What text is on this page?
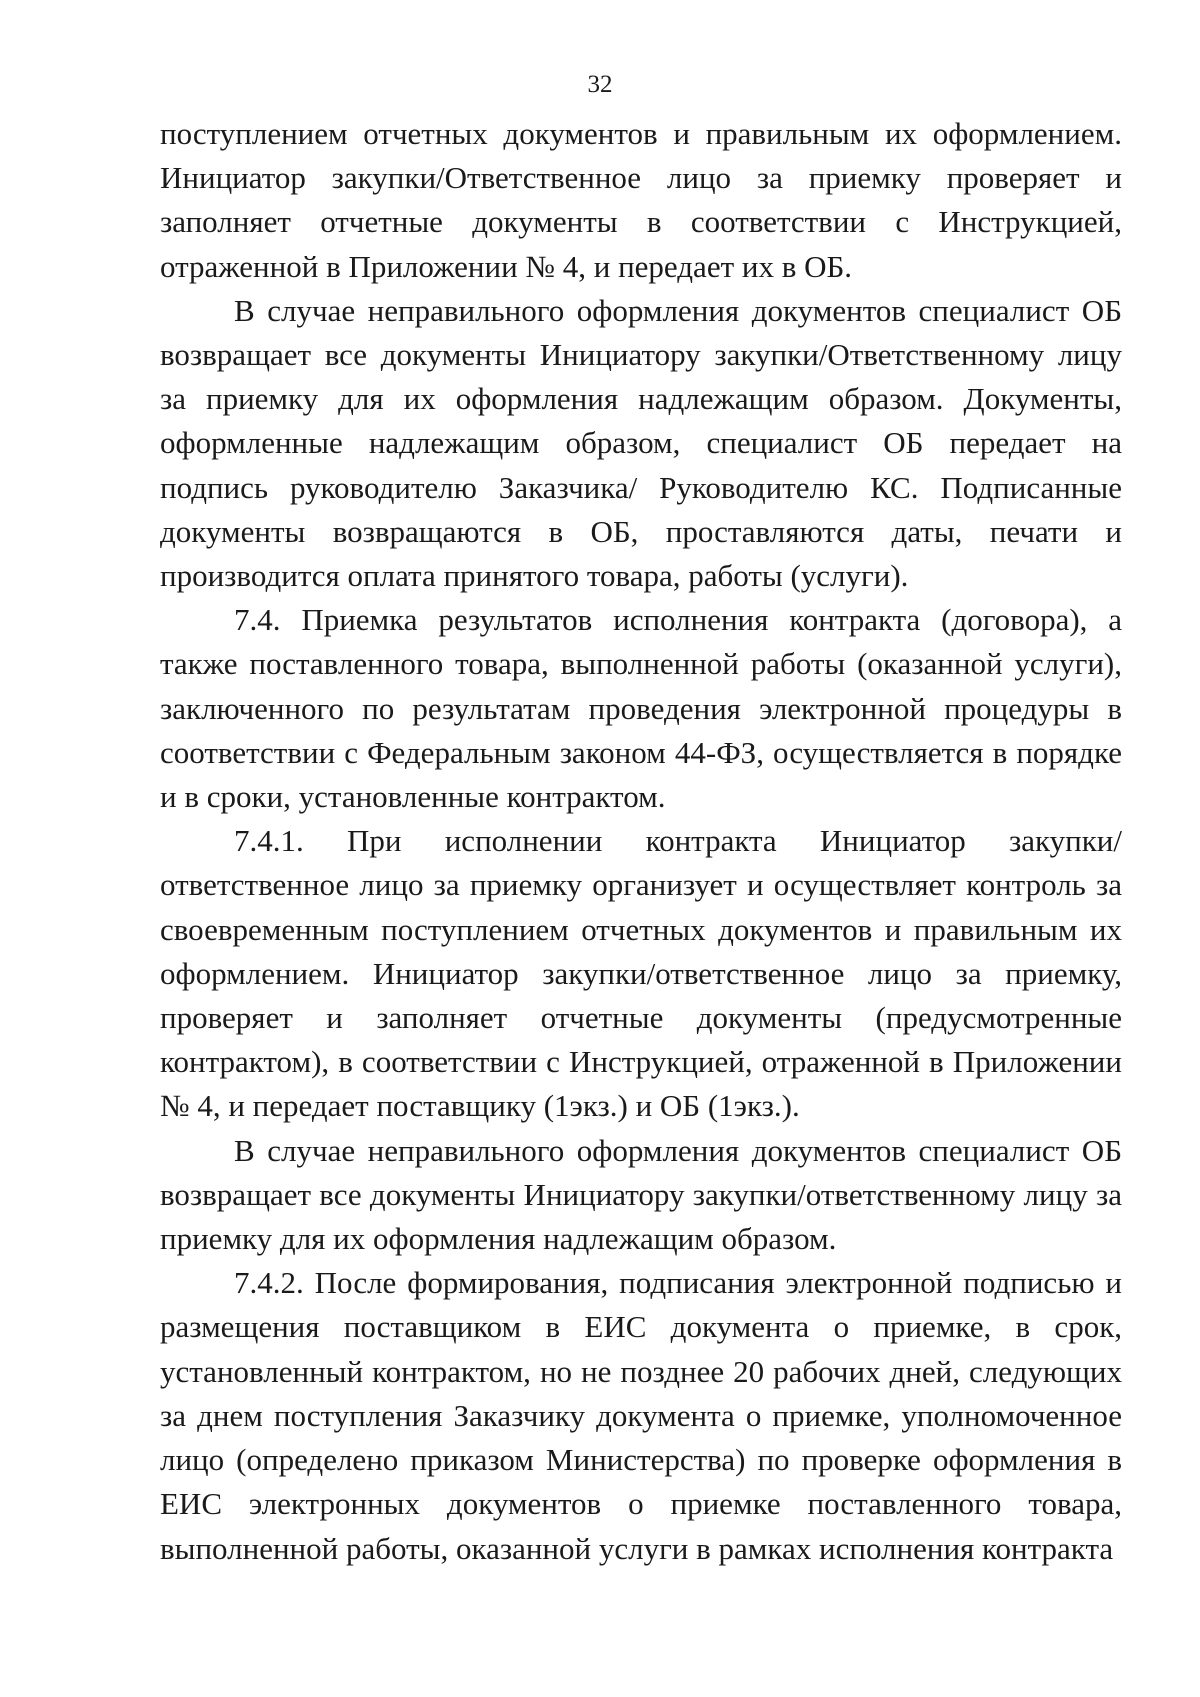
32

поступлением отчетных документов и правильным их оформлением. Инициатор закупки/Ответственное лицо за приемку проверяет и заполняет отчетные документы в соответствии с Инструкцией, отраженной в Приложении № 4, и передает их в ОБ.

В случае неправильного оформления документов специалист ОБ возвращает все документы Инициатору закупки/Ответственному лицу за приемку для их оформления надлежащим образом. Документы, оформленные надлежащим образом, специалист ОБ передает на подпись руководителю Заказчика/ Руководителю КС. Подписанные документы возвращаются в ОБ, проставляются даты, печати и производится оплата принятого товара, работы (услуги).

7.4. Приемка результатов исполнения контракта (договора), а также поставленного товара, выполненной работы (оказанной услуги), заключенного по результатам проведения электронной процедуры в соответствии с Федеральным законом 44-ФЗ, осуществляется в порядке и в сроки, установленные контрактом.

7.4.1. При исполнении контракта Инициатор закупки/ответственное лицо за приемку организует и осуществляет контроль за своевременным поступлением отчетных документов и правильным их оформлением. Инициатор закупки/ответственное лицо за приемку, проверяет и заполняет отчетные документы (предусмотренные контрактом), в соответствии с Инструкцией, отраженной в Приложении № 4, и передает поставщику (1экз.) и ОБ (1экз.).

В случае неправильного оформления документов специалист ОБ возвращает все документы Инициатору закупки/ответственному лицу за приемку для их оформления надлежащим образом.

7.4.2. После формирования, подписания электронной подписью и размещения поставщиком в ЕИС документа о приемке, в срок, установленный контрактом, но не позднее 20 рабочих дней, следующих за днем поступления Заказчику документа о приемке, уполномоченное лицо (определено приказом Министерства) по проверке оформления в ЕИС электронных документов о приемке поставленного товара, выполненной работы, оказанной услуги в рамках исполнения контракта
